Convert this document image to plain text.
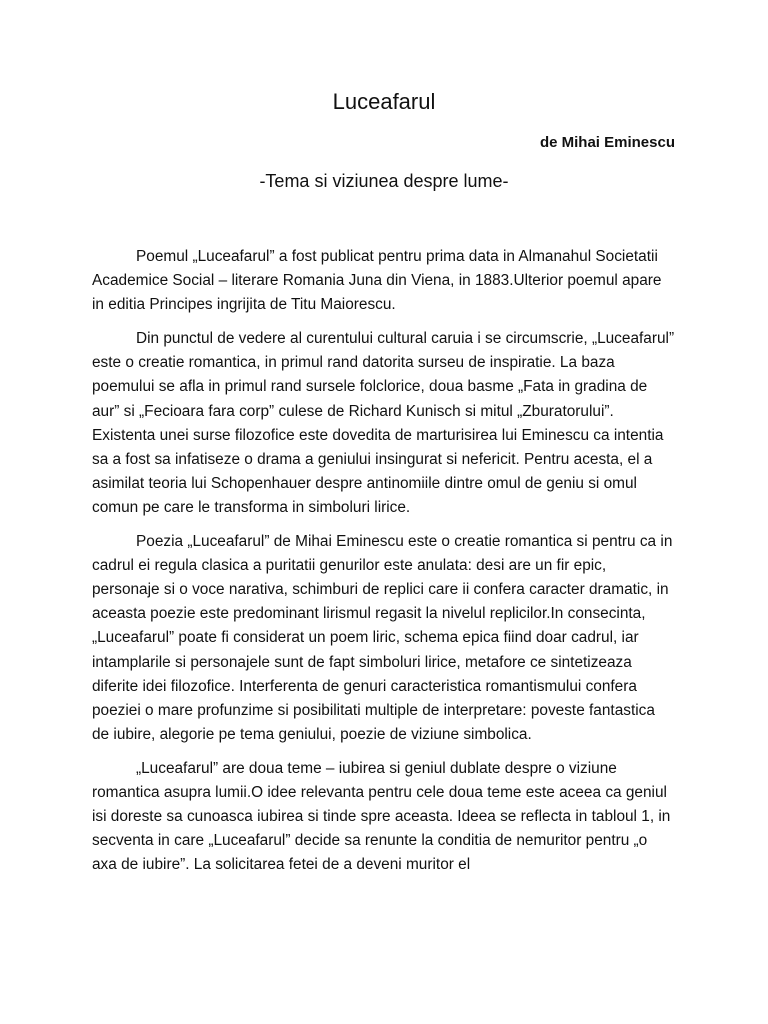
Luceafarul
de Mihai Eminescu
-Tema si viziunea despre lume-

Poemul „Luceafarul” a fost publicat pentru prima data in Almanahul Societatii Academice Social – literare Romania Juna din Viena, in 1883.Ulterior poemul apare in editia Principes ingrijita de Titu Maiorescu.

Din punctul de vedere al curentului cultural caruia i se circumscrie, „Luceafarul” este o creatie romantica, in primul rand datorita surseu de inspiratie. La baza poemului se afla in primul rand sursele folclorice, doua basme „Fata in gradina de aur” si „Fecioara fara corp” culese de Richard Kunisch si mitul „Zburatorului”. Existenta unei surse filozofice este dovedita de marturisirea lui Eminescu ca intentia sa a fost sa infatiseze o drama a geniului insingurat si nefericit. Pentru acesta, el a asimilat teoria lui Schopenhauer despre antinomiile dintre omul de geniu si omul comun pe care le transforma in simboluri lirice.

Poezia „Luceafarul” de Mihai Eminescu este o creatie romantica si pentru ca in cadrul ei regula clasica a puritatii genurilor este anulata: desi are un fir epic, personaje si o voce narativa, schimburi de replici care ii confera caracter dramatic, in aceasta poezie este predominant lirismul regasit la nivelul replicilor.In consecinta, „Luceafarul” poate fi considerat un poem liric, schema epica fiind doar cadrul, iar intamplarile si personajele sunt de fapt simboluri lirice, metafore ce sintetizeaza diferite idei filozofice. Interferenta de genuri caracteristica romantismului confera poeziei o mare profunzime si posibilitati multiple de interpretare: poveste fantastica de iubire, alegorie pe tema geniului, poezie de viziune simbolica.

„Luceafarul” are doua teme – iubirea si geniul dublate despre o viziune romantica asupra lumii.O idee relevanta pentru cele doua teme este aceea ca geniul isi doreste sa cunoasca iubirea si tinde spre aceasta. Ideea se reflecta in tabloul 1, in secventa in care „Luceafarul” decide sa renunte la conditia de nemuritor pentru „o axa de iubire”. La solicitarea fetei de a deveni muritor el
